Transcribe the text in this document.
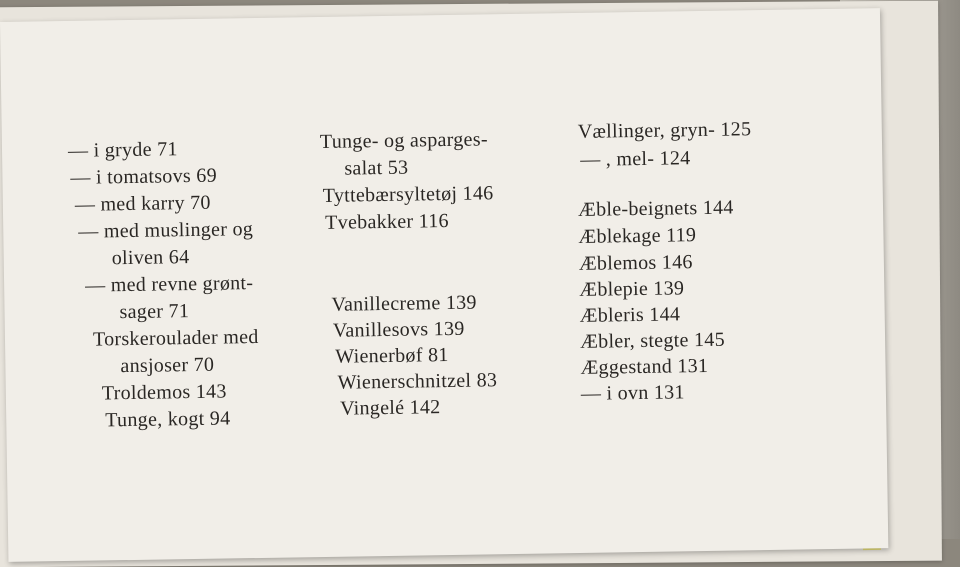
— i gryde 71
— i tomatsovs 69
— med karry 70
— med muslinger og
oliven 64
— med revne grønt-
sager 71
Torskeroulader med
ansjoser 70
Troldemos 143
Tunge, kogt 94
Tunge- og asparges-
salat 53
Tyttebærsyltetøj 146
Tvebakker 116
Vanillecreme 139
Vanillesovs 139
Wienerbøf 81
Wienerschnitzel 83
Vingelé 142
Vællinger, gryn- 125
— , mel- 124
Æble-beignets 144
Æblekage 119
Æblemos 146
Æblepie 139
Æbleris 144
Æbler, stegte 145
Æggestand 131
— i ovn 131
